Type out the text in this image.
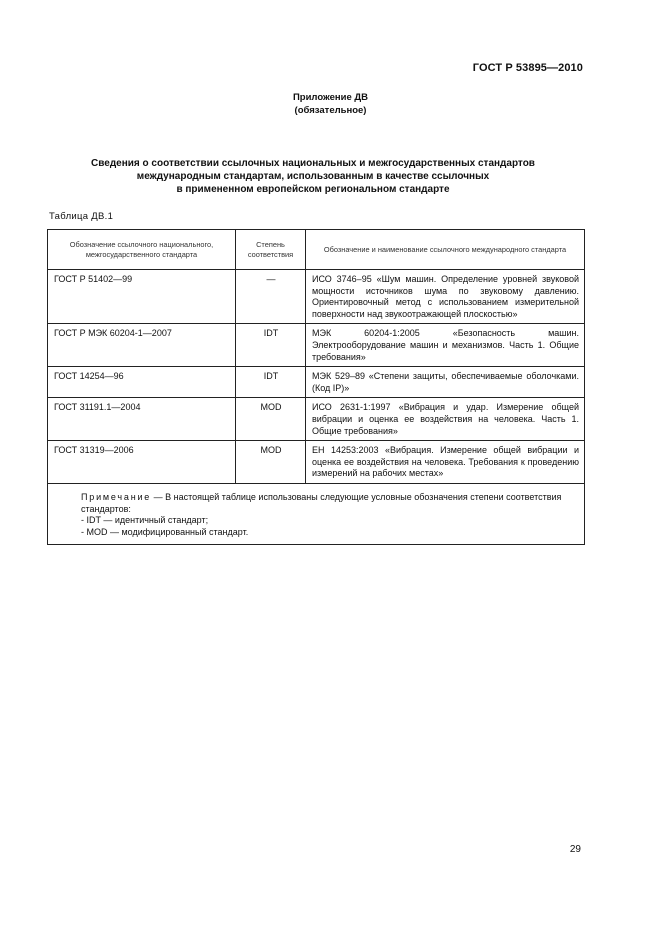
ГОСТ Р 53895—2010
Приложение ДВ
(обязательное)
Сведения о соответствии ссылочных национальных и межгосударственных стандартов
международным стандартам, использованным в качестве ссылочных
в примененном европейском региональном стандарте
Таблица ДВ.1
Обозначение ссылочного национального, межгосударственного стандарта	Степень соответствия	Обозначение и наименование ссылочного международного стандарта
ГОСТ Р 51402—99	—	ИСО 3746–95 «Шум машин. Определение уровней звуковой мощности источников шума по звуковому давлению. Ориентировочный метод с использованием измерительной поверхности над звукоотражающей плоскостью»
ГОСТ Р МЭК 60204-1—2007	IDT	МЭК 60204-1:2005 «Безопасность машин. Электрооборудование машин и механизмов. Часть 1. Общие требования»
ГОСТ 14254—96	IDT	МЭК 529–89 «Степени защиты, обеспечиваемые оболочками. (Код IP)»
ГОСТ 31191.1—2004	MOD	ИСО 2631-1:1997 «Вибрация и удар. Измерение общей вибрации и оценка ее воздействия на человека. Часть 1. Общие требования»
ГОСТ 31319—2006	MOD	ЕН 14253:2003 «Вибрация. Измерение общей вибрации и оценка ее воздействия на человека. Требования к проведению измерений на рабочих местах»

Примечание — В настоящей таблице использованы следующие условные обозначения степени соответствия стандартов:
- IDT — идентичный стандарт;
- MOD — модифицированный стандарт.		
29
